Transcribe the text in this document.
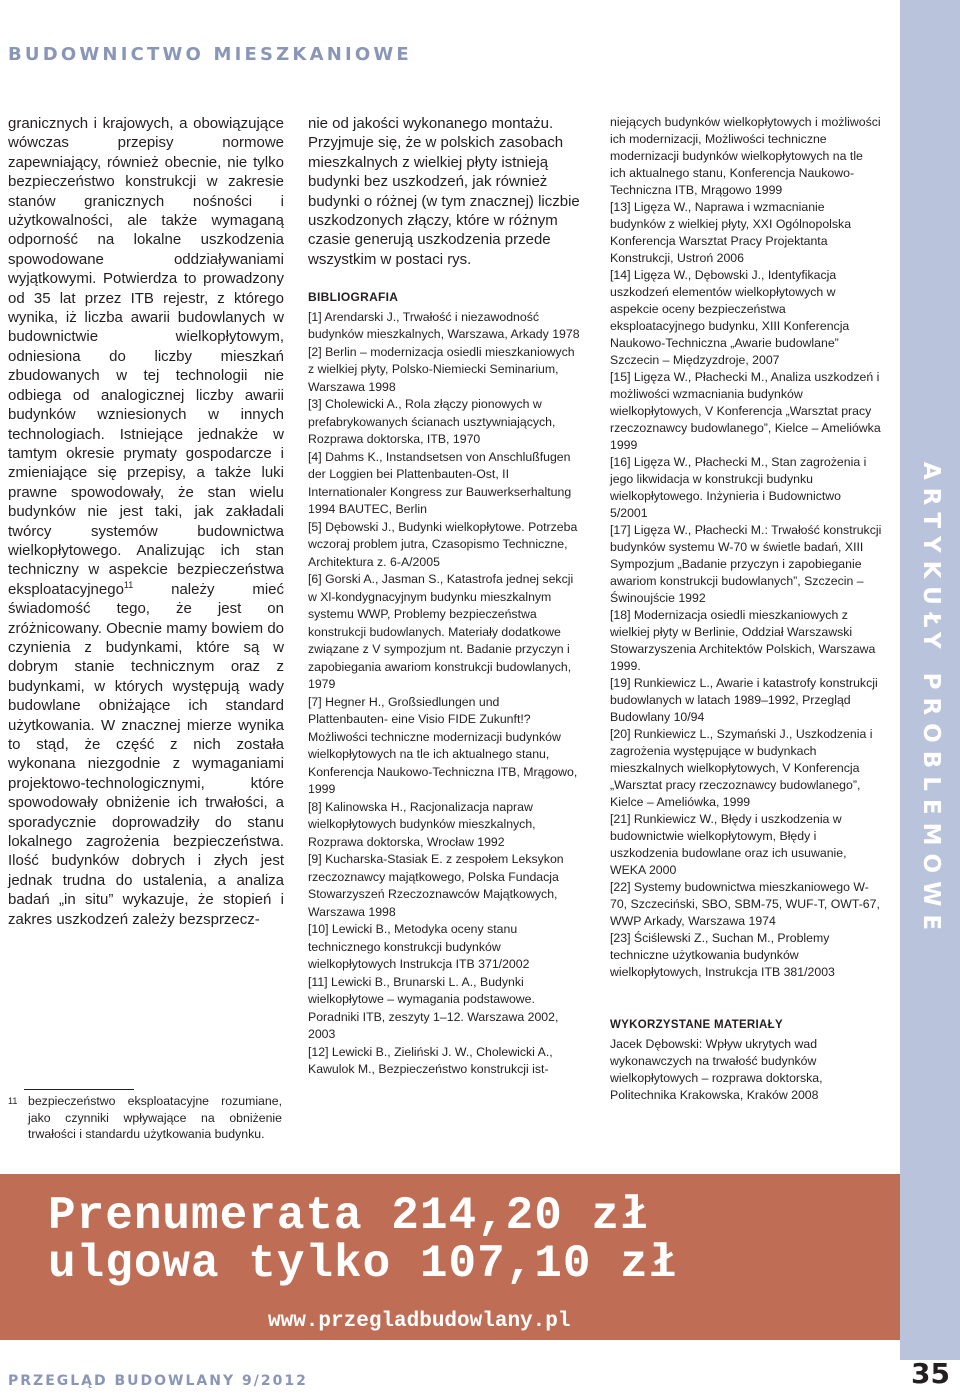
BUDOWNICTWO MIESZKANIOWE
ARTYKUŁY PROBLEMOWE

granicznych i krajowych, a obowiązujące wówczas przepisy normowe zapewniający, również obecnie, nie tylko bezpieczeństwo konstrukcji w zakresie stanów granicznych nośności i użytkowalności, ale także wymaganą odporność na lokalne uszkodzenia spowodowane oddziaływaniami wyjątkowymi. Potwierdza to prowadzony od 35 lat przez ITB rejestr, z którego wynika, iż liczba awarii budowlanych w budownictwie wielkopłytowym, odniesiona do liczby mieszkań zbudowanych w tej technologii nie odbiega od analogicznej liczby awarii budynków wzniesionych w innych technologiach. Istniejące jednakże w tamtym okresie prymaty gospodarcze i zmieniające się przepisy, a także luki prawne spowodowały, że stan wielu budynków nie jest taki, jak zakładali twórcy systemów budownictwa wielkopłytowego. Analizując ich stan techniczny w aspekcie bezpieczeństwa eksploatacyjnego$^{11}$ należy mieć świadomość tego, że jest on zróżnicowany. Obecnie mamy bowiem do czynienia z budynkami, które są w dobrym stanie technicznym oraz z budynkami, w których występują wady budowlane obniżające ich standard użytkowania. W znacznej mierze wynika to stąd, że część z nich została wykonana niezgodnie z wymaganiami projektowo-technologicznymi, które spowodowały obniżenie ich trwałości, a sporadycznie doprowadziły do stanu lokalnego zagrożenia bezpieczeństwa. Ilość budynków dobrych i złych jest jednak trudna do ustalenia, a analiza badań „in situ” wykazuje, że stopień i zakres uszkodzeń zależy bezsprzecz-

11 bezpieczeństwo eksploatacyjne rozumiane, jako czynniki wpływające na obniżenie trwałości i standardu użytkowania budynku.

nie od jakości wykonanego montażu. Przyjmuje się, że w polskich zasobach mieszkalnych z wielkiej płyty istnieją budynki bez uszkodzeń, jak również budynki o różnej (w tym znacznej) liczbie uszkodzonych złączy, które w różnym czasie generują uszkodzenia przede wszystkim w postaci rys.

BIBLIOGRAFIA

[1] Arendarski J., Trwałość i niezawodność budynków mieszkalnych, Warszawa, Arkady 1978

[2] Berlin – modernizacja osiedli mieszkaniowych z wielkiej płyty, Polsko-Niemiecki Seminarium, Warszawa 1998

[3] Cholewicki A., Rola złączy pionowych w prefabrykowanych ścianach usztywniających, Rozprawa doktorska, ITB, 1970

[4] Dahms K., Instandsetsen von Anschlußfugen der Loggien bei Plattenbauten-Ost, II Internationaler Kongress zur Bauwerkserhaltung 1994 BAUTEC, Berlin

[5] Dębowski J., Budynki wielkopłytowe. Potrzeba wczoraj problem jutra, Czasopismo Techniczne, Architektura z. 6-A/2005

[6] Gorski A., Jasman S., Katastrofa jednej sekcji w Xl-kondygnacyjnym budynku mieszkalnym systemu WWP, Problemy bezpieczeństwa konstrukcji budowlanych. Materiały dodatkowe związane z V sympozjum nt. Badanie przyczyn i zapobiegania awariom konstrukcji budowlanych, 1979

[7] Hegner H., Großsiedlungen und Plattenbauten- eine Visio FIDE Zukunft!? Możliwości techniczne modernizacji budynków wielkopłytowych na tle ich aktualnego stanu, Konferencja Naukowo-Techniczna ITB, Mrągowo, 1999

[8] Kalinowska H., Racjonalizacja napraw wielkopłytowych budynków mieszkalnych, Rozprawa doktorska, Wrocław 1992

[9] Kucharska-Stasiak E. z zespołem Leksykon rzeczoznawcy majątkowego, Polska Fundacja Stowarzyszeń Rzeczoznawców Majątkowych, Warszawa 1998

[10] Lewicki B., Metodyka oceny stanu technicznego konstrukcji budynków wielkopłytowych Instrukcja ITB 371/2002

[11] Lewicki B., Brunarski L. A., Budynki wielkopłytowe – wymagania podstawowe. Poradniki ITB, zeszyty 1–12. Warszawa 2002, 2003

[12] Lewicki B., Zieliński J. W., Cholewicki A., Kawulok M., Bezpieczeństwo konstrukcji ist-

niejących budynków wielkopłytowych i możliwości ich modernizacji, Możliwości techniczne modernizacji budynków wielkopłytowych na tle ich aktualnego stanu, Konferencja Naukowo-Techniczna ITB, Mrągowo 1999

[13] Ligęza W., Naprawa i wzmacnianie budynków z wielkiej płyty, XXI Ogólnopolska Konferencja Warsztat Pracy Projektanta Konstrukcji, Ustroń 2006

[14] Ligęza W., Dębowski J., Identyfikacja uszkodzeń elementów wielkopłytowych w aspekcie oceny bezpieczeństwa eksploatacyjnego budynku, XIII Konferencja Naukowo-Techniczna „Awarie budowlane” Szczecin – Międzyzdroje, 2007

[15] Ligęza W., Płachecki M., Analiza uszkodzeń i możliwości wzmacniania budynków wielkopłytowych, V Konferencja „Warsztat pracy rzeczoznawcy budowlanego”, Kielce – Ameliówka 1999

[16] Ligęza W., Płachecki M., Stan zagrożenia i jego likwidacja w konstrukcji budynku wielkopłytowego. Inżynieria i Budownictwo 5/2001

[17] Ligęza W., Płachecki M.: Trwałość konstrukcji budynków systemu W-70 w świetle badań, XIII Sympozjum „Badanie przyczyn i zapobieganie awariom konstrukcji budowlanych”, Szczecin – Świnoujście 1992

[18] Modernizacja osiedli mieszkaniowych z wielkiej płyty w Berlinie, Oddział Warszawski Stowarzyszenia Architektów Polskich, Warszawa 1999.

[19] Runkiewicz L., Awarie i katastrofy konstrukcji budowlanych w latach 1989–1992, Przegląd Budowlany 10/94

[20] Runkiewicz L., Szymański J., Uszkodzenia i zagrożenia występujące w budynkach mieszkalnych wielkopłytowych, V Konferencja „Warsztat pracy rzeczoznawcy budowlanego”, Kielce – Ameliówka, 1999

[21] Runkiewicz W., Błędy i uszkodzenia w budownictwie wielkopłytowym, Błędy i uszkodzenia budowlane oraz ich usuwanie, WEKA 2000

[22] Systemy budownictwa mieszkaniowego W-70, Szczeciński, SBO, SBM-75, WUF-T, OWT-67, WWP Arkady, Warszawa 1974

[23] Ściślewski Z., Suchan M., Problemy techniczne użytkowania budynków wielkopłytowych, Instrukcja ITB 381/2003

WYKORZYSTANE MATERIAŁY

Jacek Dębowski: Wpływ ukrytych wad wykonawczych na trwałość budynków wielkopłytowych – rozprawa doktorska, Politechnika Krakowska, Kraków 2008

Prenumerata 214,20 zł
ulgowa tylko 107,10 zł
www.przegladbudowlany.pl
PRZEGLĄD BUDOWLANY 9/2012	35
